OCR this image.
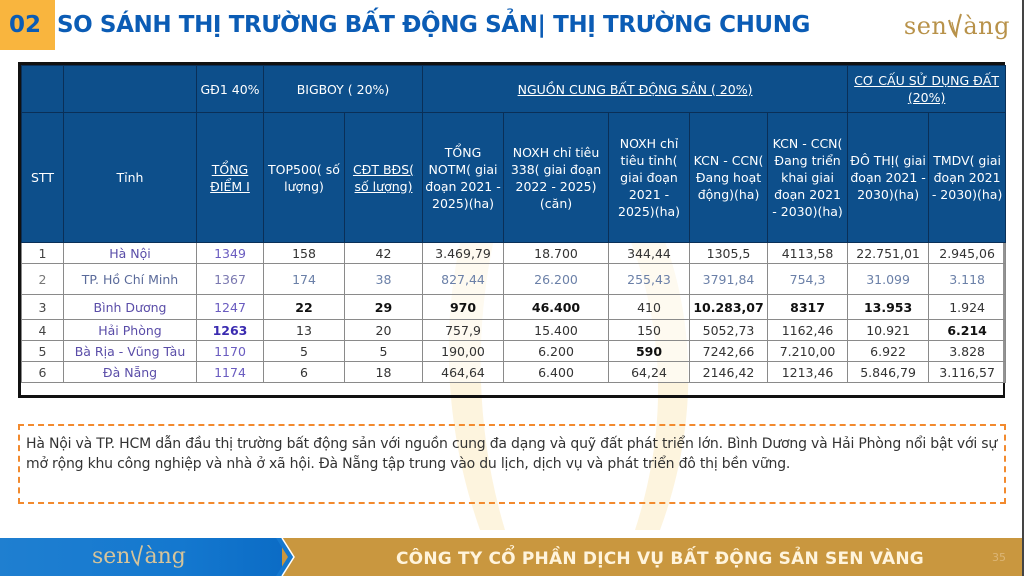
02 SO SÁNH THỊ TRƯỜNG BẤT ĐỘNG SẢN| THỊ TRƯỜNG CHUNG	sen àng
		GĐ1 40%	BIGBOY ( 20%)		NGUỒN CUNG BẤT ĐỘNG SẢN ( 20%)					CƠ CẤU SỬ DỤNG ĐẤT (20%)	
STT	Tỉnh	TỔNG ĐIỂM I	TOP500( số lượng)	CĐT BĐS( số lượng)	TỔNG NOTM( giai đoạn 2021 - 2025)(ha)	NOXH chỉ tiêu 338( giai đoạn 2022 - 2025)(căn)	NOXH chỉ tiêu tỉnh( giai đoạn 2021 - 2025)(ha)	KCN - CCN( Đang hoạt động)(ha)	KCN - CCN( Đang triển khai giai đoạn 2021 - 2030)(ha)	ĐÔ THỊ( giai đoạn 2021 - 2030)(ha)	TMDV( giai đoạn 2021 - 2030)(ha)
1	Hà Nội	1349	158	42	3.469,79	18.700	344,44	1305,5	4113,58	22.751,01	2.945,06
2	TP. Hồ Chí Minh	1367	174	38	827,44	26.200	255,43	3791,84	754,3	31.099	3.118
3	Bình Dương	1247	22	29	970	46.400	410	10.283,07	8317	13.953	1.924
4	Hải Phòng	1263	13	20	757,9	15.400	150	5052,73	1162,46	10.921	6.214
5	Bà Rịa - Vũng Tàu	1170	5	5	190,00	6.200	590	7242,66	7.210,00	6.922	3.828
6	Đà Nẵng	1174	6	18	464,64	6.400	64,24	2146,42	1213,46	5.846,79	3.116,57
Hà Nội và TP. HCM dẫn đầu thị trường bất động sản với nguồn cung đa dạng và quỹ đất phát triển lớn. Bình Dương và Hải Phòng nổi bật với sự mở rộng khu công nghiệp và nhà ở xã hội. Đà Nẵng tập trung vào du lịch, dịch vụ và phát triển đô thị bền vững.
sen àng	CÔNG TY CỔ PHẦN DỊCH VỤ BẤT ĐỘNG SẢN SEN VÀNG	35
